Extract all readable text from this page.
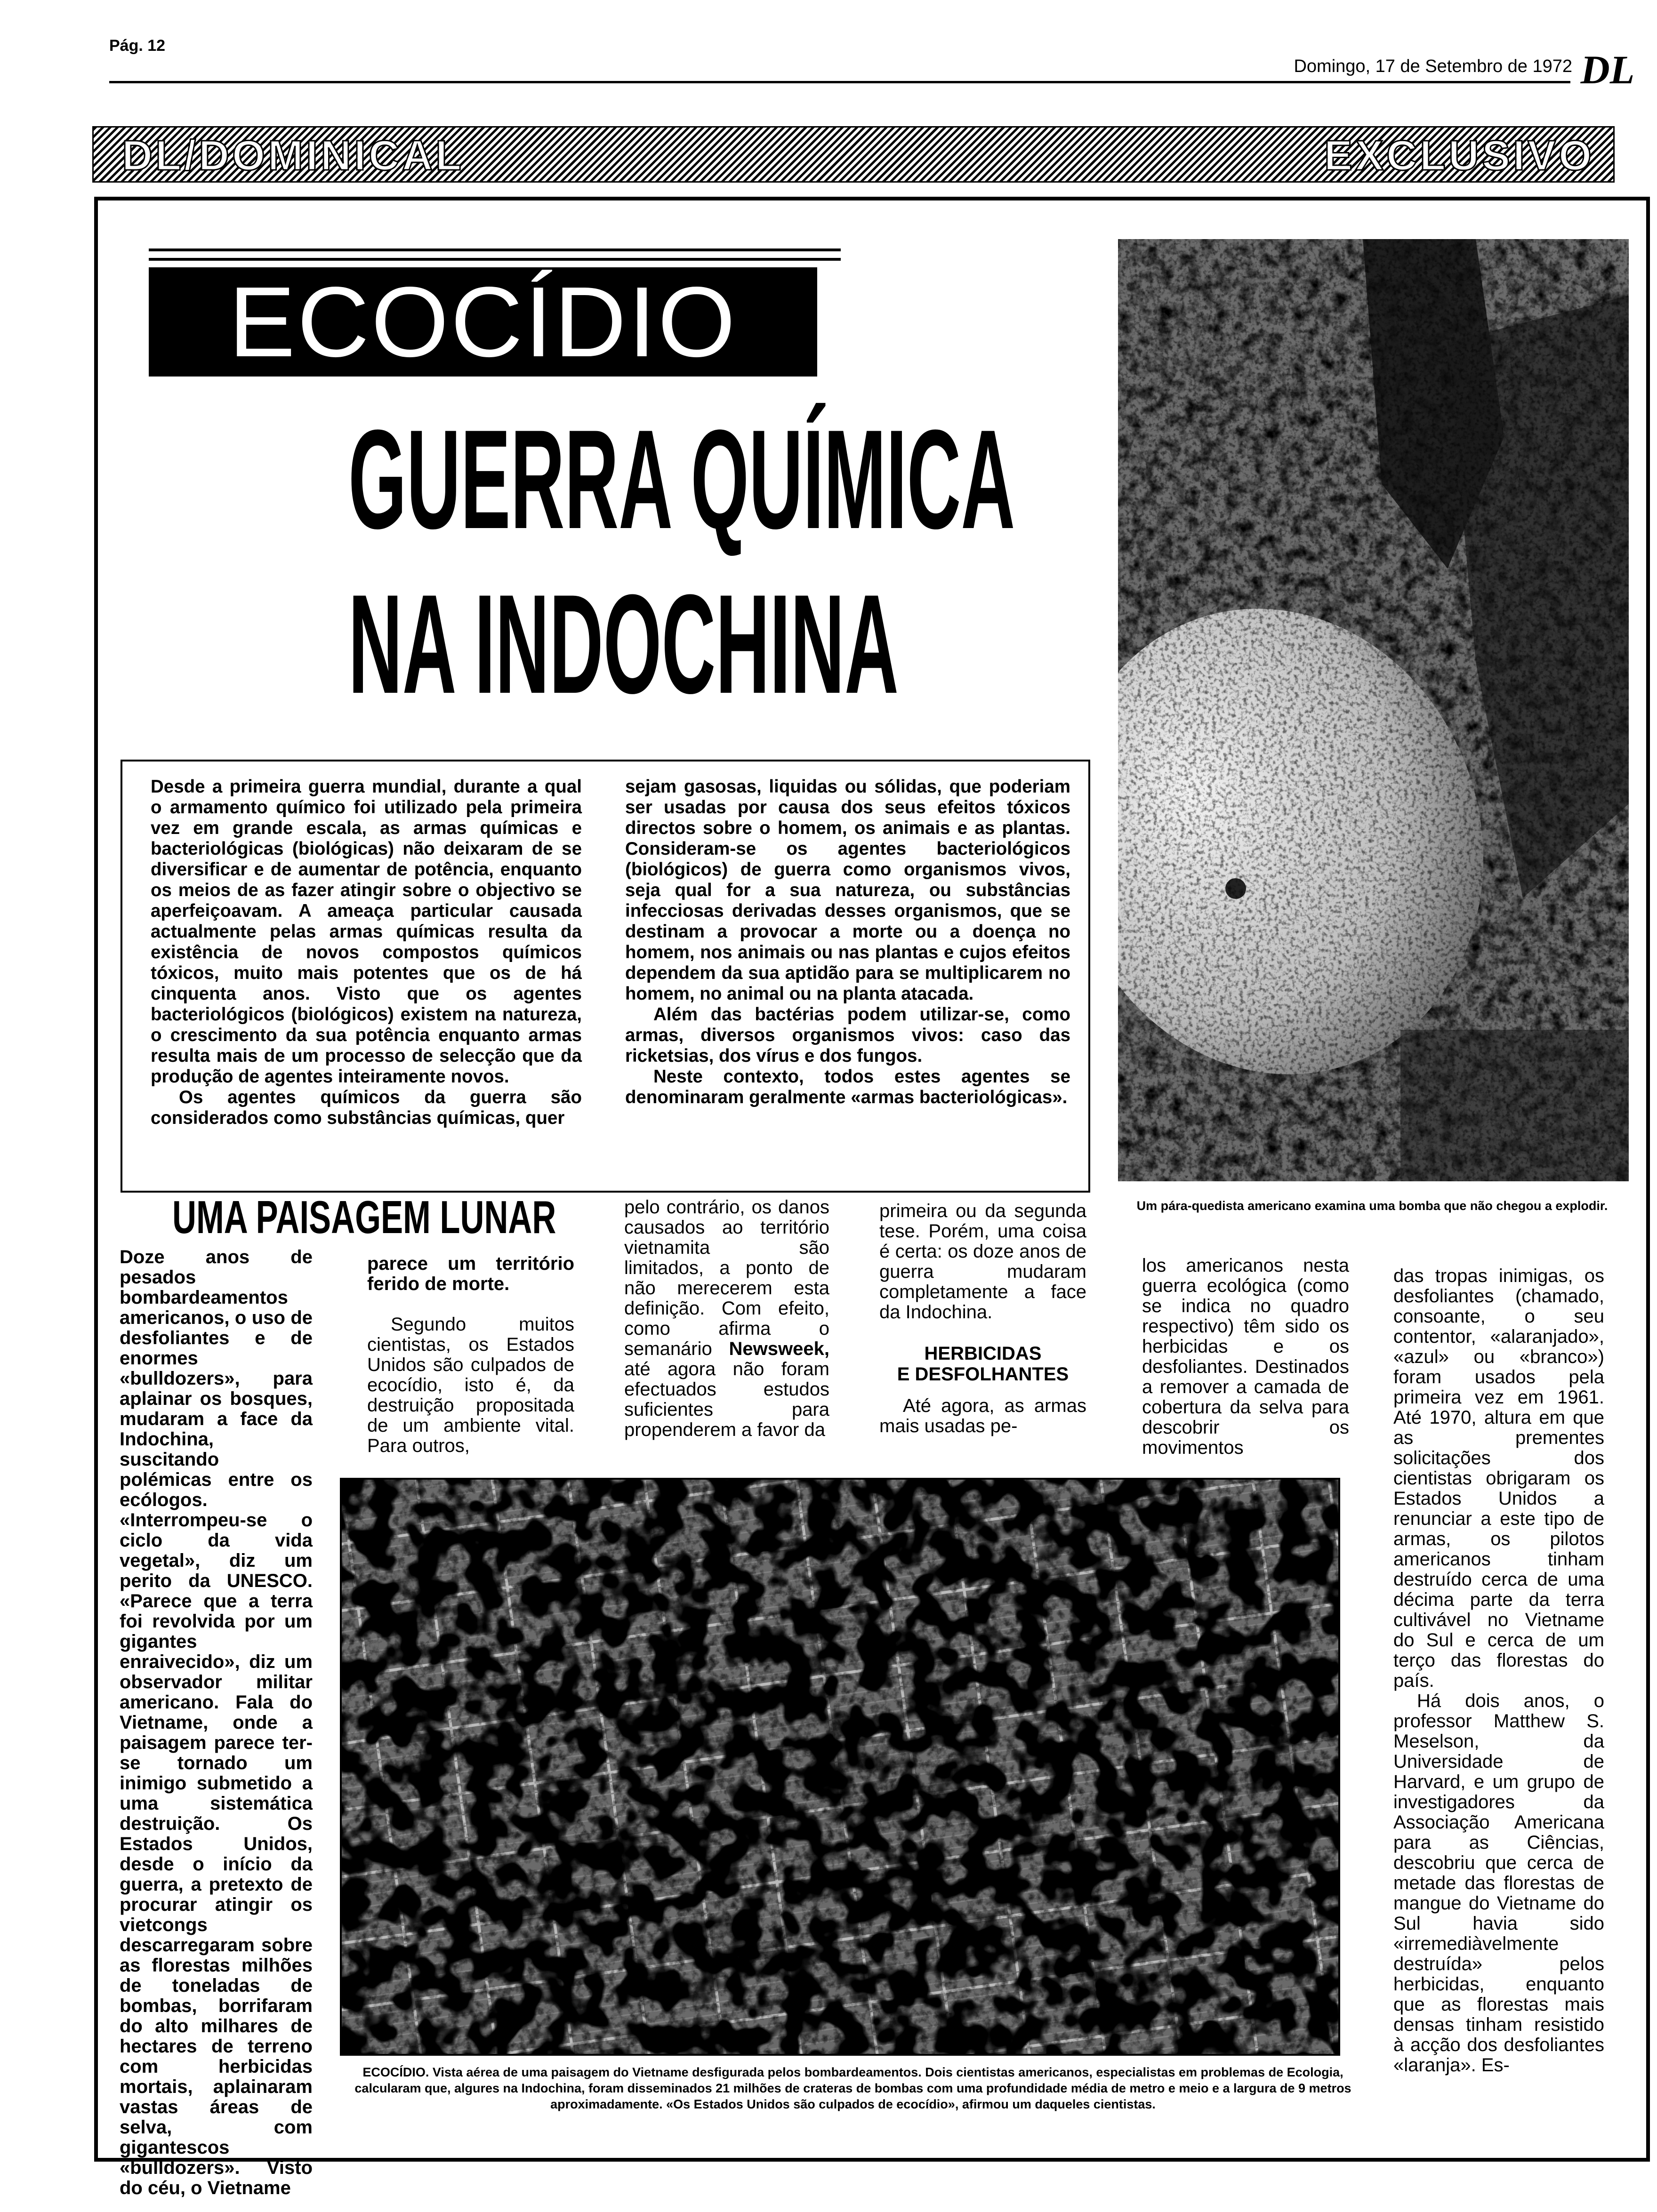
Pág. 12
Domingo, 17 de Setembro de 1972 DL
DL/DOMINICAL	EXCLUSIVO
ECOCÍDIO
GUERRA QUÍMICA
NA INDOCHINA

Desde a primeira guerra mundial, durante a qual o armamento químico foi utilizado pela primeira vez em grande escala, as armas químicas e bacteriológicas (biológicas) não deixaram de se diversificar e de aumentar de potência, enquanto os meios de as fazer atingir sobre o objectivo se aperfeiçoavam. A ameaça particular causada actualmente pelas armas químicas resulta da existência de novos compostos químicos tóxicos, muito mais potentes que os de há cinquenta anos. Visto que os agentes bacteriológicos (biológicos) existem na natureza, o crescimento da sua potência enquanto armas resulta mais de um processo de selecção que da produção de agentes inteiramente novos.

Os agentes químicos da guerra são considerados como substâncias químicas, quer

sejam gasosas, liquidas ou sólidas, que poderiam ser usadas por causa dos seus efeitos tóxicos directos sobre o homem, os animais e as plantas. Consideram-se os agentes bacteriológicos (biológicos) de guerra como organismos vivos, seja qual for a sua natureza, ou substâncias infecciosas derivadas desses organismos, que se destinam a provocar a morte ou a doença no homem, nos animais ou nas plantas e cujos efeitos dependem da sua aptidão para se multiplicarem no homem, no animal ou na planta atacada.

Além das bactérias podem utilizar-se, como armas, diversos organismos vivos: caso das ricketsias, dos vírus e dos fungos.

Neste contexto, todos estes agentes se denominaram geralmente «armas bacteriológicas».

Um pára-quedista americano examina uma bomba que não chegou a explodir.
UMA PAISAGEM LUNAR

Doze anos de pesados bombardeamentos americanos, o uso de desfoliantes e de enormes «bulldozers», para aplainar os bosques, mudaram a face da Indochina, suscitando polémicas entre os ecólogos. «Interrompeu-se o ciclo da vida vegetal», diz um perito da UNESCO. «Parece que a terra foi revolvida por um gigantes enraivecido», diz um observador militar americano. Fala do Vietname, onde a paisagem parece ter-se tornado um inimigo submetido a uma sistemática destruição. Os Estados Unidos, desde o início da guerra, a pretexto de procurar atingir os vietcongs descarregaram sobre as florestas milhões de toneladas de bombas, borrifaram do alto milhares de hectares de terreno com herbicidas mortais, aplainaram vastas áreas de selva, com gigantescos «bulldozers». Visto do céu, o Vietname

parece um território ferido de morte.

Segundo muitos cientistas, os Estados Unidos são culpados de ecocídio, isto é, da destruição propositada de um ambiente vital. Para outros,

pelo contrário, os danos causados ao território vietnamita são limitados, a ponto de não merecerem esta definição. Com efeito, como afirma o semanário Newsweek, até agora não foram efectuados estudos suficientes para propenderem a favor da

primeira ou da segunda tese. Porém, uma coisa é certa: os doze anos de guerra mudaram completamente a face da Indochina.

HERBICIDAS
E DESFOLHANTES

Até agora, as armas mais usadas pe-

los americanos nesta guerra ecológica (como se indica no quadro respectivo) têm sido os herbicidas e os desfoliantes. Destinados a remover a camada de cobertura da selva para descobrir os movimentos

das tropas inimigas, os desfoliantes (chamado, consoante, o seu contentor, «alaranjado», «azul» ou «branco») foram usados pela primeira vez em 1961. Até 1970, altura em que as prementes solicitações dos cientistas obrigaram os Estados Unidos a renunciar a este tipo de armas, os pilotos americanos tinham destruído cerca de uma décima parte da terra cultivável no Vietname do Sul e cerca de um terço das florestas do país.

Há dois anos, o professor Matthew S. Meselson, da Universidade de Harvard, e um grupo de investigadores da Associação Americana para as Ciências, descobriu que cerca de metade das florestas de mangue do Vietname do Sul havia sido «irremediàvelmente destruída» pelos herbicidas, enquanto que as florestas mais densas tinham resistido à acção dos desfoliantes «laranja». Es-

ECOCÍDIO. Vista aérea de uma paisagem do Vietname desfigurada pelos bombardeamentos. Dois cientistas americanos, especialistas em problemas de Ecologia, calcularam que, algures na Indochina, foram disseminados 21 milhões de crateras de bombas com uma profundidade média de metro e meio e a largura de 9 metros aproximadamente. «Os Estados Unidos são culpados de ecocídio», afirmou um daqueles cientistas.
